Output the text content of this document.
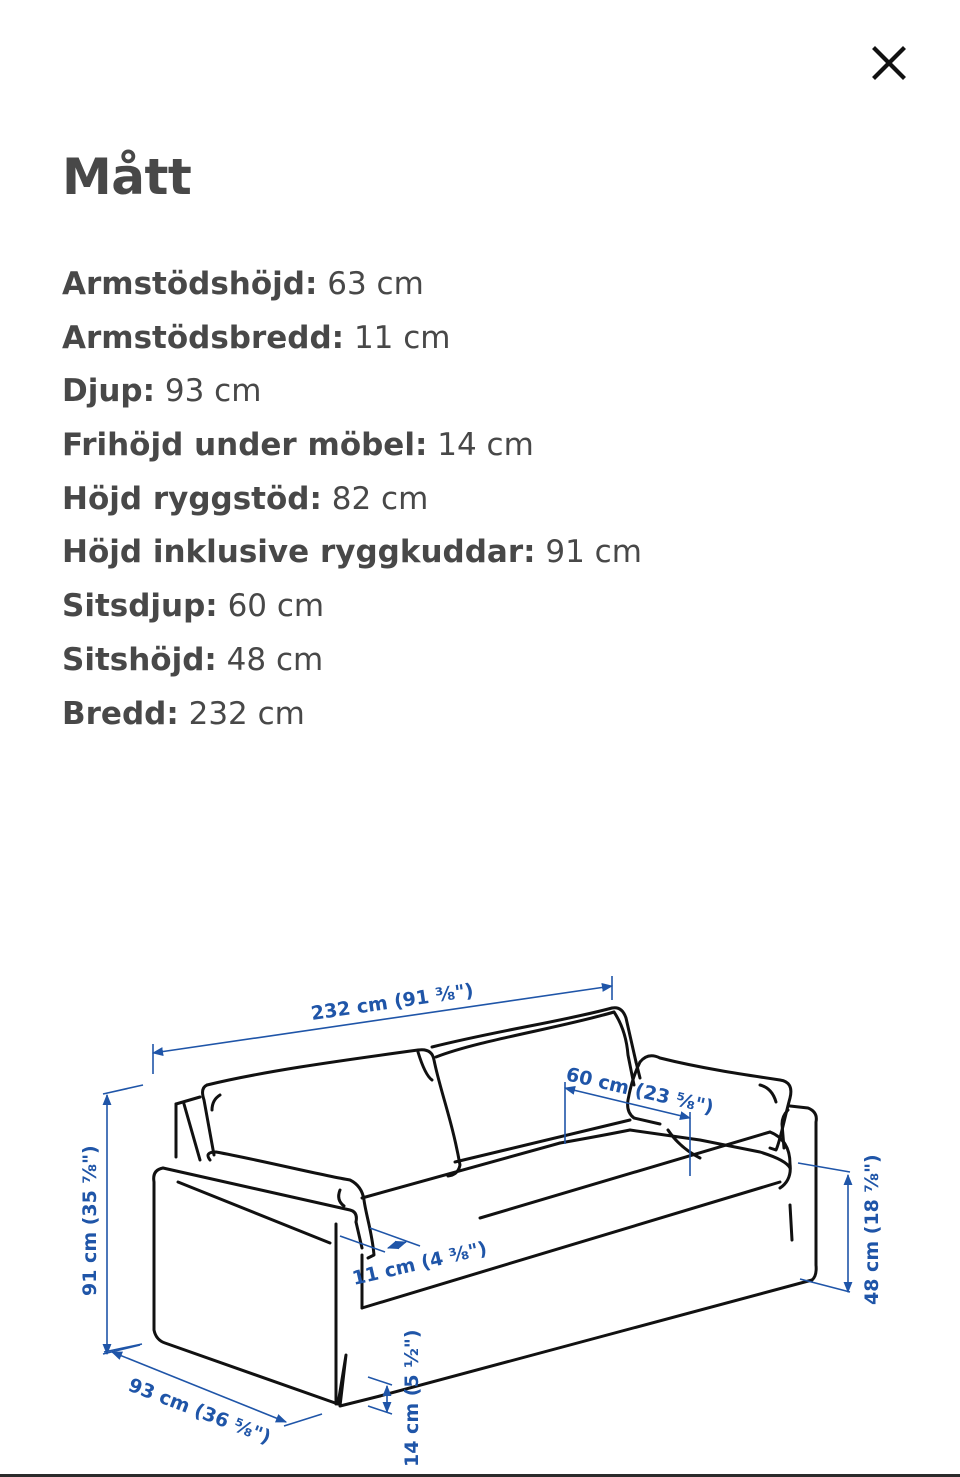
Mått
Armstödshöjd: 63 cm
Armstödsbredd: 11 cm
Djup: 93 cm
Frihöjd under möbel: 14 cm
Höjd ryggstöd: 82 cm
Höjd inklusive ryggkuddar: 91 cm
Sitsdjup: 60 cm
Sitshöjd: 48 cm
Bredd: 232 cm
232 cm (91 ⅜")
60 cm (23 ⅝")
91 cm (35 ⅞")	48 cm (18 ⅞")
11 cm (4 ⅜")
93 cm (36 ⅝")	14 cm (5 ½")
